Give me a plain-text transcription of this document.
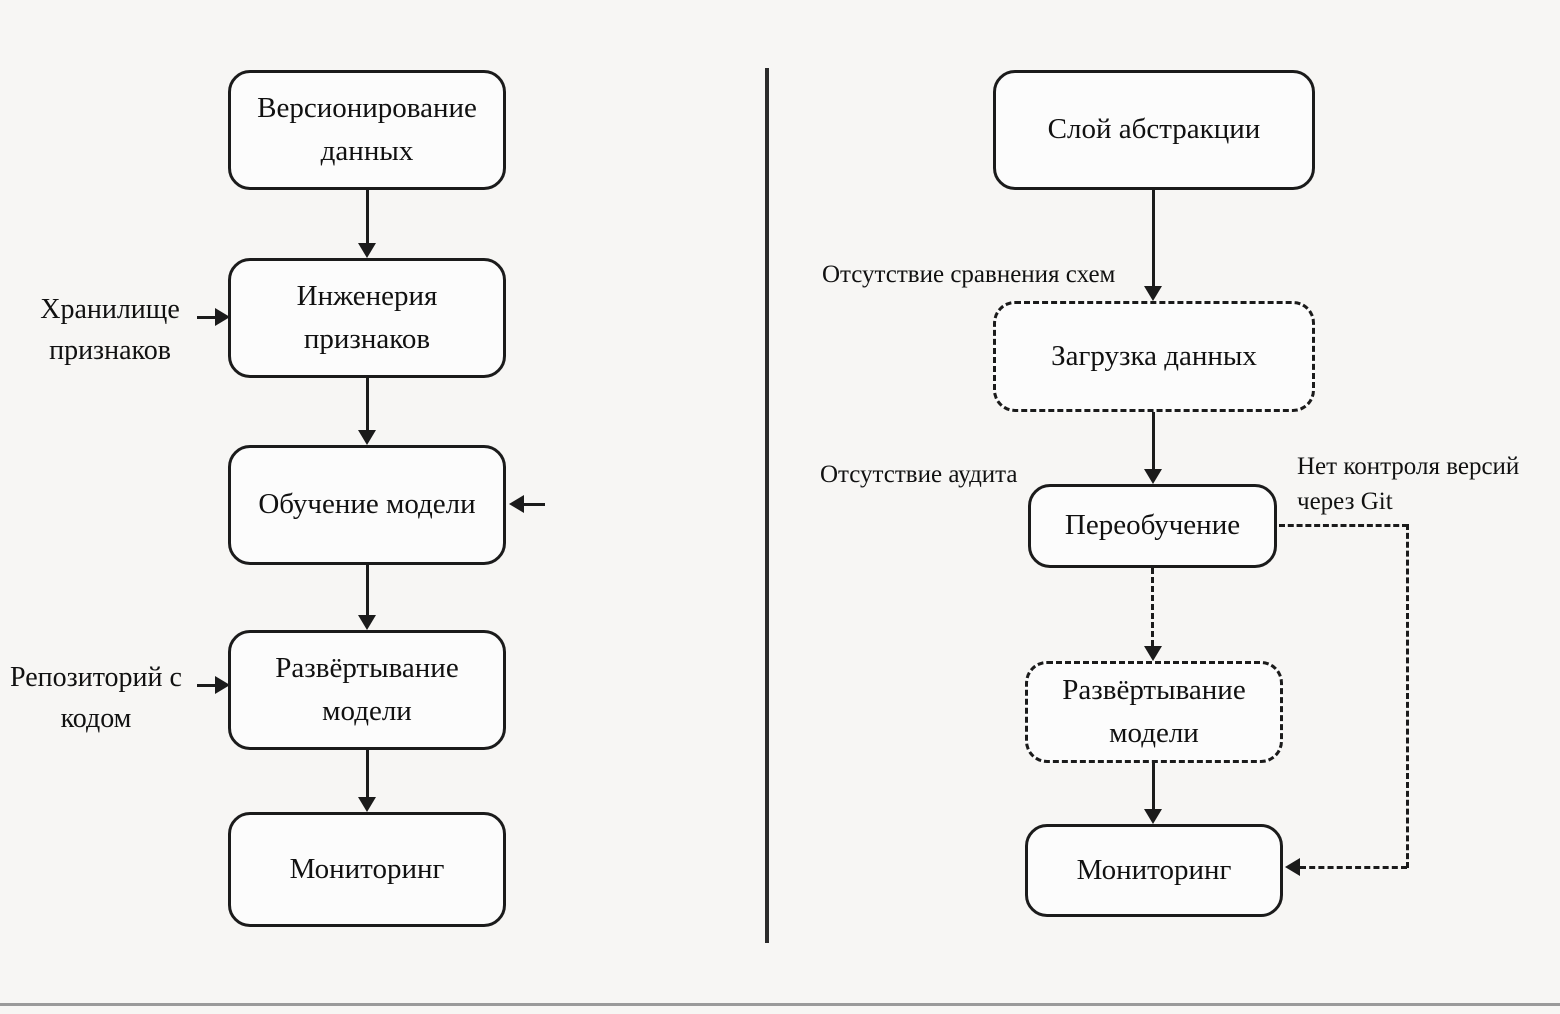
Версионирование данных
Инженерия признаков
Обучение модели
Развёртывание модели
Мониторинг
Хранилище признаков
Репозиторий с кодом
Слой абстракции
Загрузка данных
Переобучение
Развёртывание модели
Мониторинг
Отсутствие сравнения схем
Отсутствие аудита	Нет контроля версий через Git
